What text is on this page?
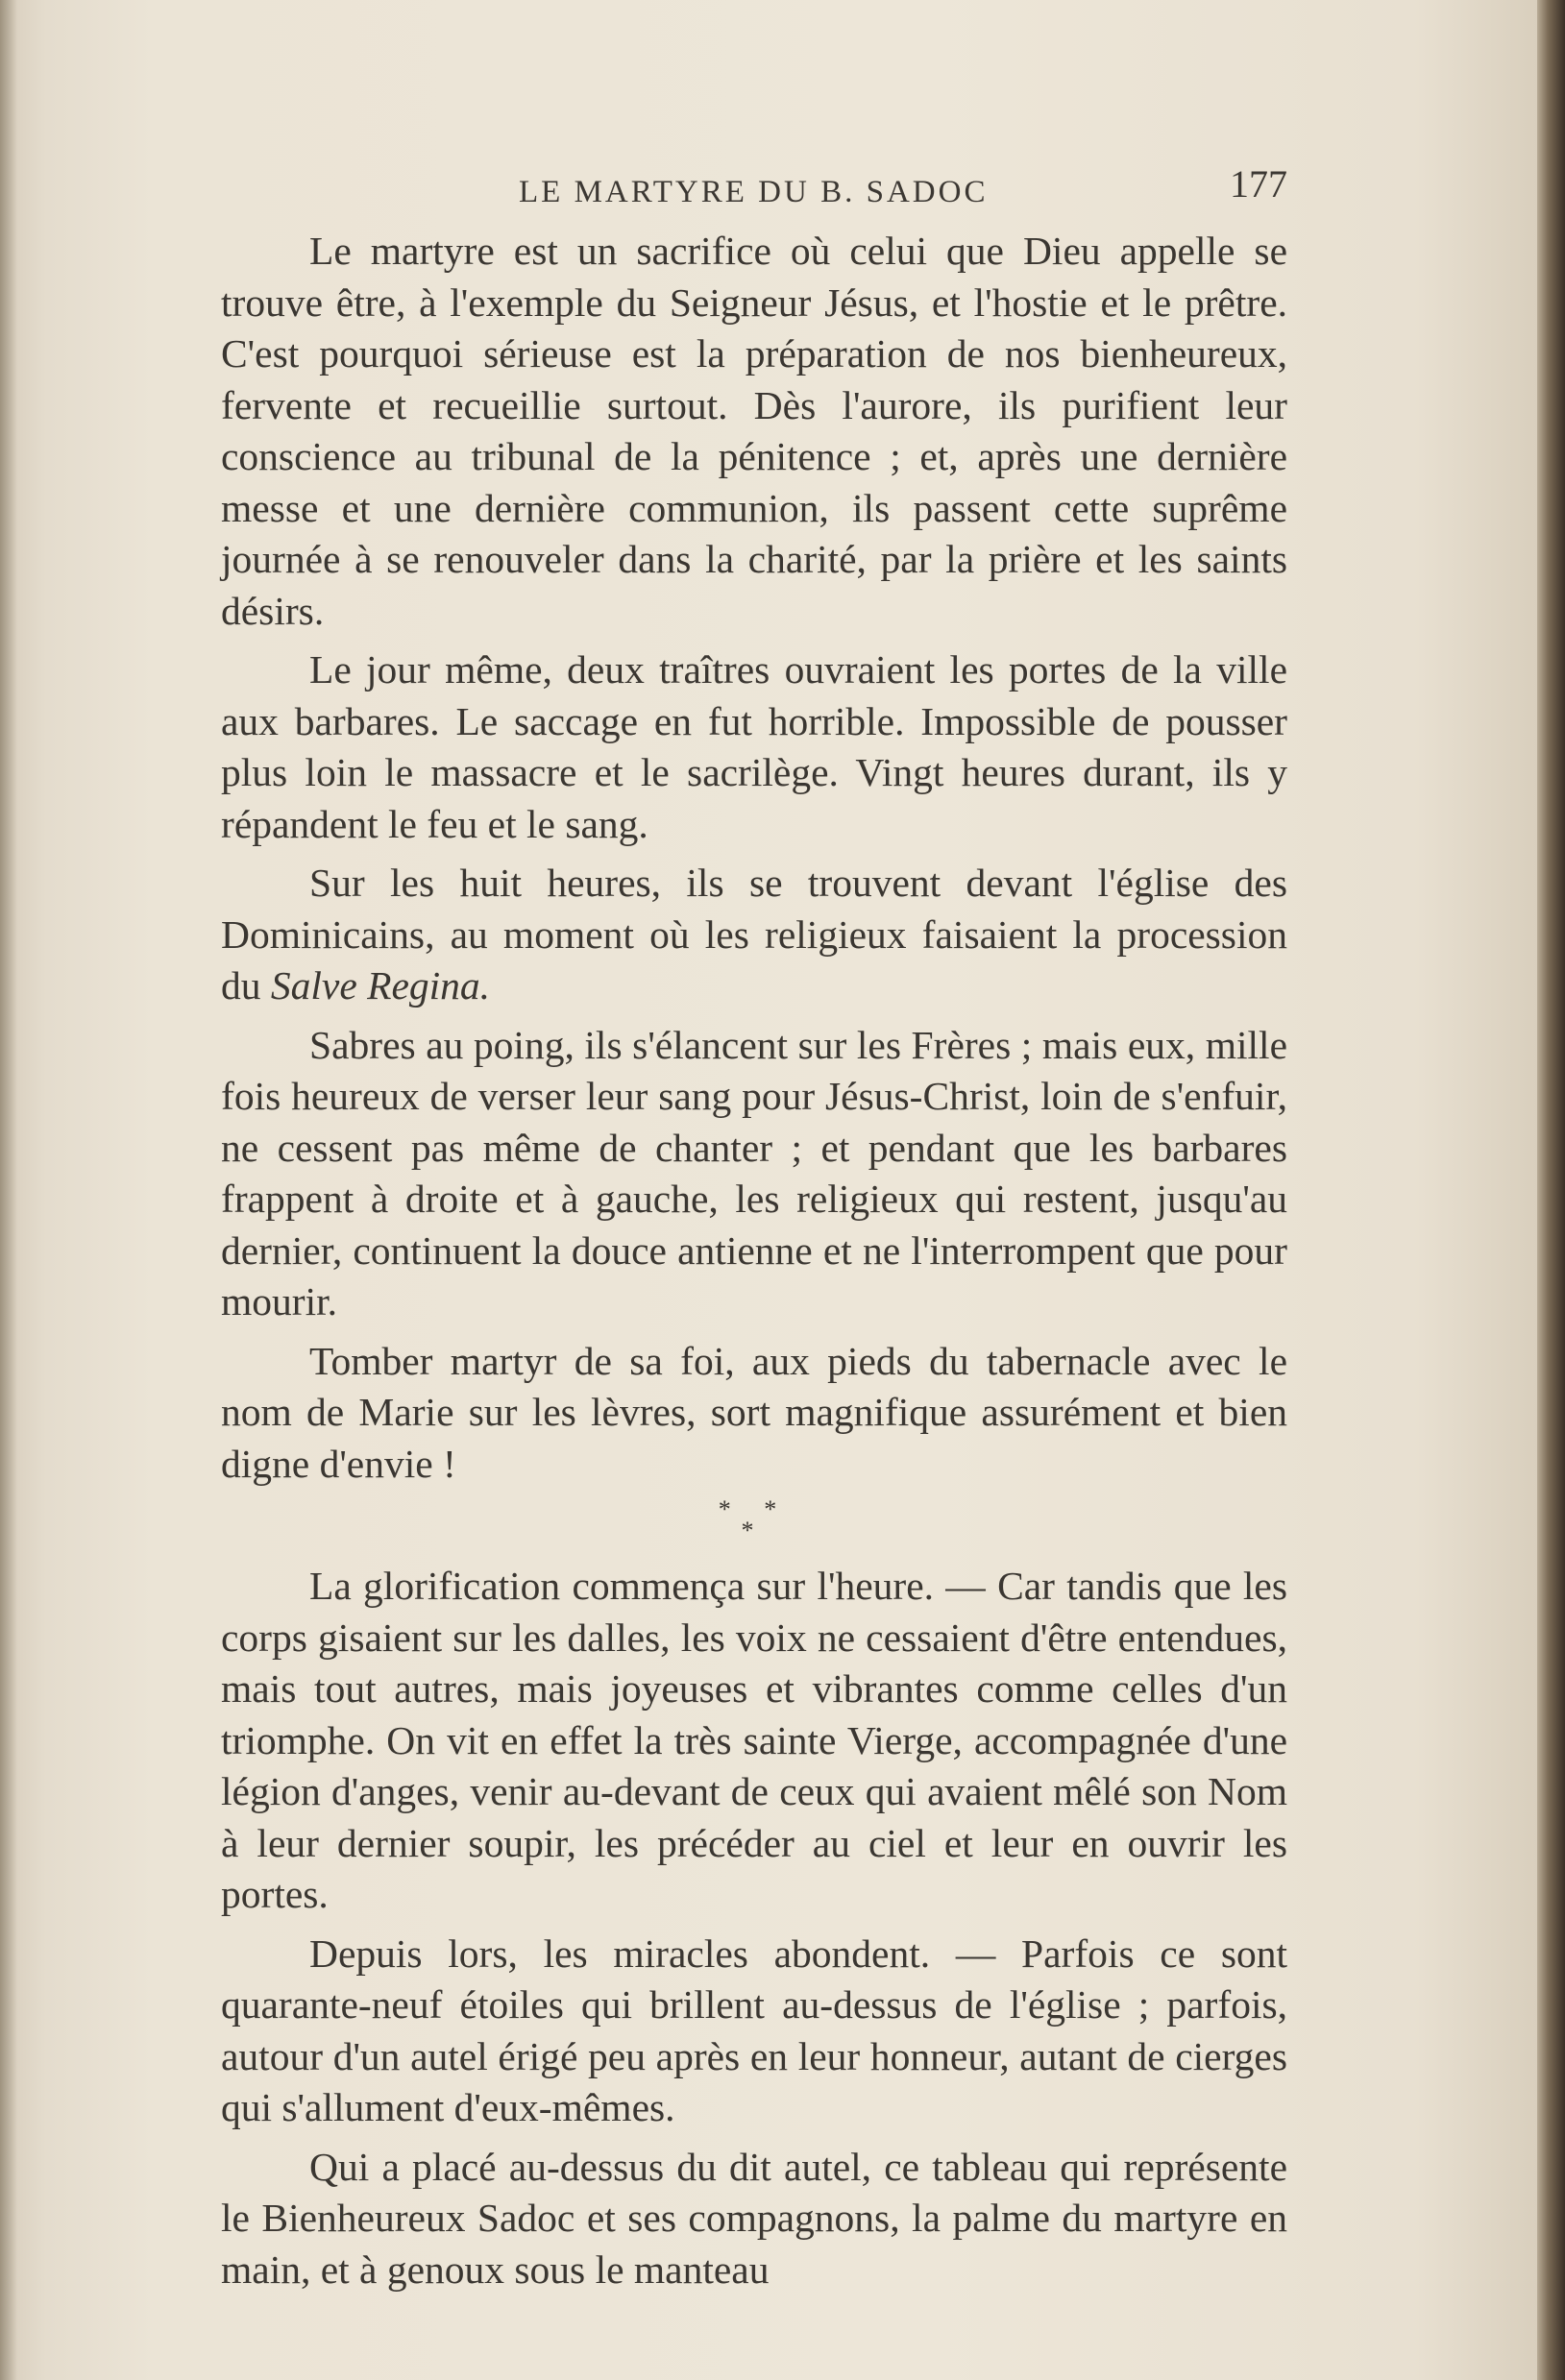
LE MARTYRE DU B. SADOC	177

Le martyre est un sacrifice où celui que Dieu appelle se trouve être, à l'exemple du Seigneur Jésus, et l'hostie et le prêtre. C'est pourquoi sérieuse est la préparation de nos bienheureux, fervente et recueillie surtout. Dès l'aurore, ils purifient leur conscience au tribunal de la pénitence ; et, après une dernière messe et une dernière communion, ils passent cette suprême journée à se renouveler dans la charité, par la prière et les saints désirs.

Le jour même, deux traîtres ouvraient les portes de la ville aux barbares. Le saccage en fut horrible. Impossible de pousser plus loin le massacre et le sacrilège. Vingt heures durant, ils y répandent le feu et le sang.

Sur les huit heures, ils se trouvent devant l'église des Dominicains, au moment où les religieux faisaient la procession du Salve Regina.

Sabres au poing, ils s'élancent sur les Frères ; mais eux, mille fois heureux de verser leur sang pour Jésus-Christ, loin de s'enfuir, ne cessent pas même de chanter ; et pendant que les barbares frappent à droite et à gauche, les religieux qui restent, jusqu'au dernier, continuent la douce antienne et ne l'interrompent que pour mourir.

Tomber martyr de sa foi, aux pieds du tabernacle avec le nom de Marie sur les lèvres, sort magnifique assurément et bien digne d'envie !

* *
*

La glorification commença sur l'heure. — Car tandis que les corps gisaient sur les dalles, les voix ne cessaient d'être entendues, mais tout autres, mais joyeuses et vibrantes comme celles d'un triomphe. On vit en effet la très sainte Vierge, accompagnée d'une légion d'anges, venir au-devant de ceux qui avaient mêlé son Nom à leur dernier soupir, les précéder au ciel et leur en ouvrir les portes.

Depuis lors, les miracles abondent. — Parfois ce sont quarante-neuf étoiles qui brillent au-dessus de l'église ; parfois, autour d'un autel érigé peu après en leur honneur, autant de cierges qui s'allument d'eux-mêmes.

Qui a placé au-dessus du dit autel, ce tableau qui représente le Bienheureux Sadoc et ses compagnons, la palme du martyre en main, et à genoux sous le manteau
